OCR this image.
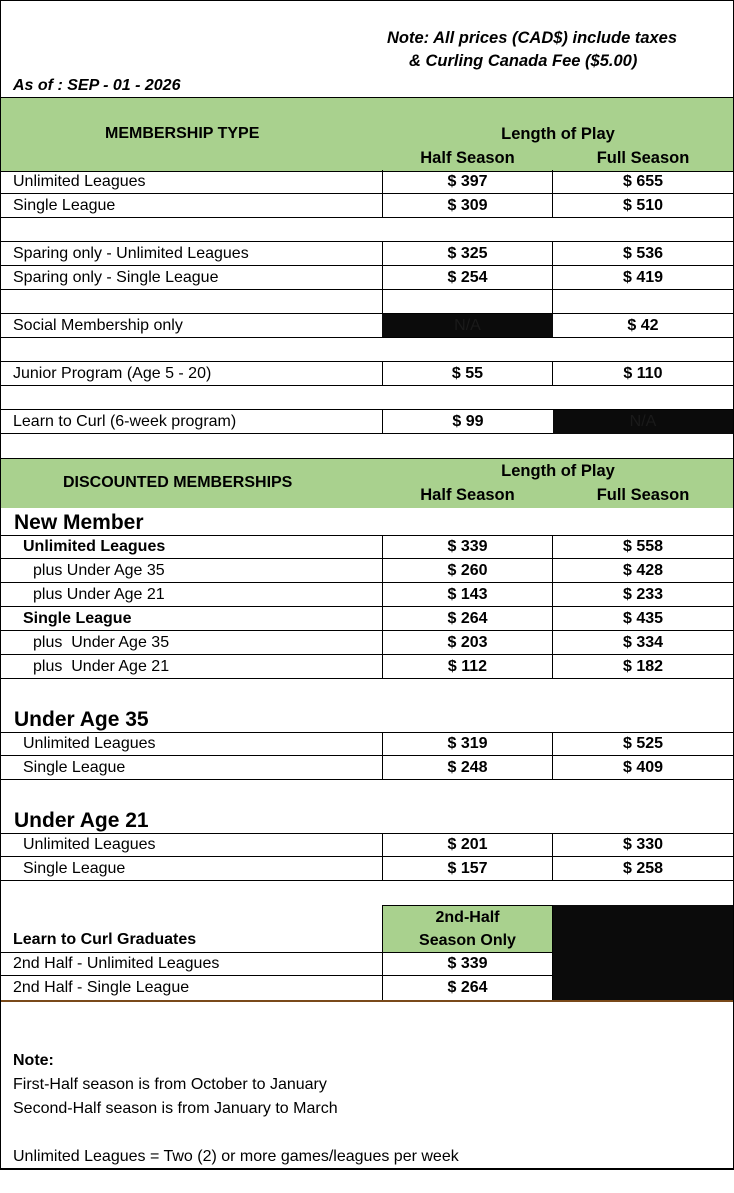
Note: All prices (CAD$) include taxes
& Curling Canada Fee ($5.00)
As of : SEP - 01 - 2026
MEMBERSHIP TYPE	Length of Play
Half Season	Full Season
Unlimited Leagues	$ 397	$ 655
Single League	$ 309	$ 510
Sparing only - Unlimited Leagues	$ 325	$ 536
Sparing only - Single League	$ 254	$ 419
Social Membership only	N/A	$ 42
Junior Program (Age 5 - 20)	$ 55	$ 110
Learn to Curl (6-week program)	$ 99	N/A
DISCOUNTED MEMBERSHIPS
Length of Play
Half Season	Full Season
New Member
Unlimited Leagues	$ 339	$ 558
plus Under Age 35	$ 260	$ 428
plus Under Age 21	$ 143	$ 233
Single League	$ 264	$ 435
plus  Under Age 35	$ 203	$ 334
plus  Under Age 21	$ 112	$ 182
Under Age 35
Unlimited Leagues	$ 319	$ 525
Single League	$ 248	$ 409
Under Age 21
Unlimited Leagues	$ 201	$ 330
Single League	$ 157	$ 258
2nd-Half
Season Only
Learn to Curl Graduates
2nd Half - Unlimited Leagues	$ 339
2nd Half - Single League	$ 264
Note:
First-Half season is from October to January
Second-Half season is from January to March
Unlimited Leagues = Two (2) or more games/leagues per week
